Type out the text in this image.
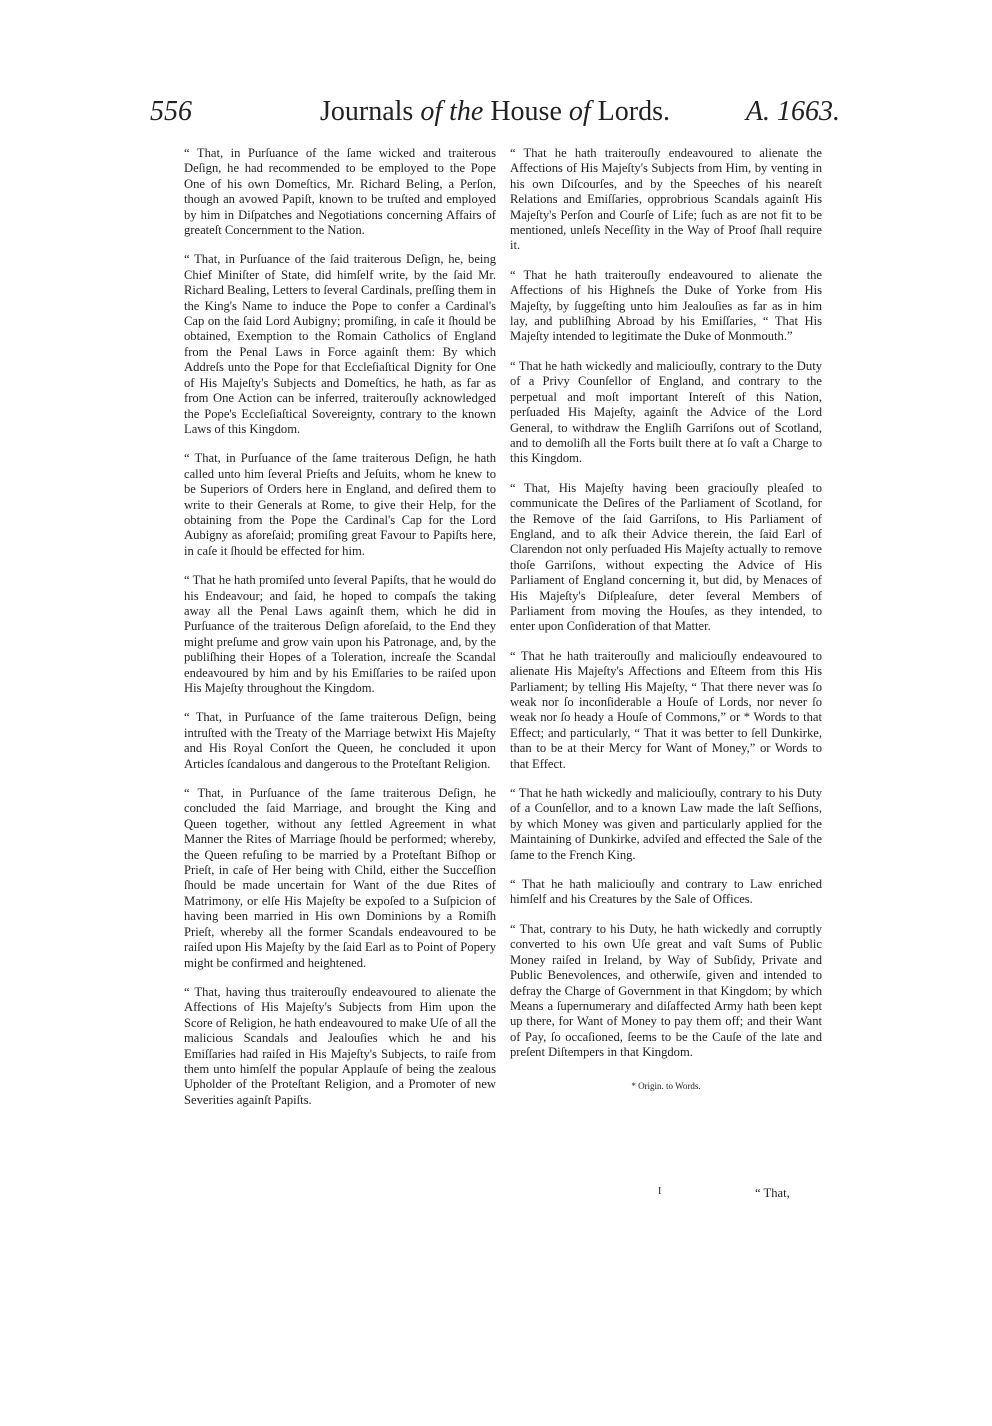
556	Journals of the House of Lords.	A. 1663.

“ That, in Purſuance of the ſame wicked and traiterous Deſign, he had recommended to be employed to the Pope One of his own Domeſtics, Mr. Richard Beling, a Perſon, though an avowed Papiſt, known to be truſted and employed by him in Diſpatches and Negotiations concerning Affairs of greateſt Concernment to the Nation.

“ That, in Purſuance of the ſaid traiterous Deſign, he, being Chief Miniſter of State, did himſelf write, by the ſaid Mr. Richard Bealing, Letters to ſeveral Cardinals, preſſing them in the King's Name to induce the Pope to confer a Cardinal's Cap on the ſaid Lord Aubigny; promiſing, in caſe it ſhould be obtained, Exemption to the Romain Catholics of England from the Penal Laws in Force againſt them: By which Addreſs unto the Pope for that Eccleſiaſtical Dignity for One of His Majeſty's Subjects and Domeſtics, he hath, as far as from One Action can be inferred, traiterouſly acknowledged the Pope's Eccleſiaſtical Sovereignty, contrary to the known Laws of this Kingdom.

“ That, in Purſuance of the ſame traiterous Deſign, he hath called unto him ſeveral Prieſts and Jeſuits, whom he knew to be Superiors of Orders here in England, and deſired them to write to their Generals at Rome, to give their Help, for the obtaining from the Pope the Cardinal's Cap for the Lord Aubigny as aforeſaid; promiſing great Favour to Papiſts here, in caſe it ſhould be effected for him.

“ That he hath promiſed unto ſeveral Papiſts, that he would do his Endeavour; and ſaid, he hoped to compaſs the taking away all the Penal Laws againſt them, which he did in Purſuance of the traiterous Deſign aforeſaid, to the End they might preſume and grow vain upon his Patronage, and, by the publiſhing their Hopes of a Toleration, increaſe the Scandal endeavoured by him and by his Emiſſaries to be raiſed upon His Majeſty throughout the Kingdom.

“ That, in Purſuance of the ſame traiterous Deſign, being intruſted with the Treaty of the Marriage betwixt His Majeſty and His Royal Conſort the Queen, he concluded it upon Articles ſcandalous and dangerous to the Proteſtant Religion.

“ That, in Purſuance of the ſame traiterous Deſign, he concluded the ſaid Marriage, and brought the King and Queen together, without any ſettled Agreement in what Manner the Rites of Marriage ſhould be performed; whereby, the Queen refuſing to be married by a Proteſtant Biſhop or Prieſt, in caſe of Her being with Child, either the Succeſſion ſhould be made uncertain for Want of the due Rites of Matrimony, or elſe His Majeſty be expoſed to a Suſpicion of having been married in His own Dominions by a Romiſh Prieſt, whereby all the former Scandals endeavoured to be raiſed upon His Majeſty by the ſaid Earl as to Point of Popery might be confirmed and heightened.

“ That, having thus traiterouſly endeavoured to alienate the Affections of His Majeſty's Subjects from Him upon the Score of Religion, he hath endeavoured to make Uſe of all the malicious Scandals and Jealouſies which he and his Emiſſaries had raiſed in His Majeſty's Subjects, to raiſe from them unto himſelf the popular Applauſe of being the zealous Upholder of the Proteſtant Religion, and a Promoter of new Severities againſt Papiſts.

“ That he hath traiterouſly endeavoured to alienate the Affections of His Majeſty's Subjects from Him, by venting in his own Diſcourſes, and by the Speeches of his neareſt Relations and Emiſſaries, opprobrious Scandals againſt His Majeſty's Perſon and Courſe of Life; ſuch as are not fit to be mentioned, unleſs Neceſſity in the Way of Proof ſhall require it.

“ That he hath traiterouſly endeavoured to alienate the Affections of his Highneſs the Duke of Yorke from His Majeſty, by ſuggeſting unto him Jealouſies as far as in him lay, and publiſhing Abroad by his Emiſſaries, “ That His Majeſty intended to legitimate the Duke of Monmouth.”

“ That he hath wickedly and maliciouſly, contrary to the Duty of a Privy Counſellor of England, and contrary to the perpetual and moſt important Intereſt of this Nation, perſuaded His Majeſty, againſt the Advice of the Lord General, to withdraw the Engliſh Garriſons out of Scotland, and to demoliſh all the Forts built there at ſo vaſt a Charge to this Kingdom.

“ That, His Majeſty having been graciouſly pleaſed to communicate the Deſires of the Parliament of Scotland, for the Remove of the ſaid Garriſons, to His Parliament of England, and to aſk their Advice therein, the ſaid Earl of Clarendon not only perſuaded His Majeſty actually to remove thoſe Garriſons, without expecting the Advice of His Parliament of England concerning it, but did, by Menaces of His Majeſty's Diſpleaſure, deter ſeveral Members of Parliament from moving the Houſes, as they intended, to enter upon Conſideration of that Matter.

“ That he hath traiterouſly and maliciouſly endeavoured to alienate His Majeſty's Affections and Eſteem from this His Parliament; by telling His Majeſty, “ That there never was ſo weak nor ſo inconſiderable a Houſe of Lords, nor never ſo weak nor ſo heady a Houſe of Commons,” or * Words to that Effect; and particularly, “ That it was better to ſell Dunkirke, than to be at their Mercy for Want of Money,” or Words to that Effect.

“ That he hath wickedly and maliciouſly, contrary to his Duty of a Counſellor, and to a known Law made the laſt Seſſions, by which Money was given and particularly applied for the Maintaining of Dunkirke, adviſed and effected the Sale of the ſame to the French King.

“ That he hath maliciouſly and contrary to Law enriched himſelf and his Creatures by the Sale of Offices.

“ That, contrary to his Duty, he hath wickedly and corruptly converted to his own Uſe great and vaſt Sums of Public Money raiſed in Ireland, by Way of Subſidy, Private and Public Benevolences, and otherwiſe, given and intended to defray the Charge of Government in that Kingdom; by which Means a ſupernumerary and diſaffected Army hath been kept up there, for Want of Money to pay them off; and their Want of Pay, ſo occaſioned, ſeems to be the Cauſe of the late and preſent Diſtempers in that Kingdom.

* Origin. to Words.
I	“ That,
